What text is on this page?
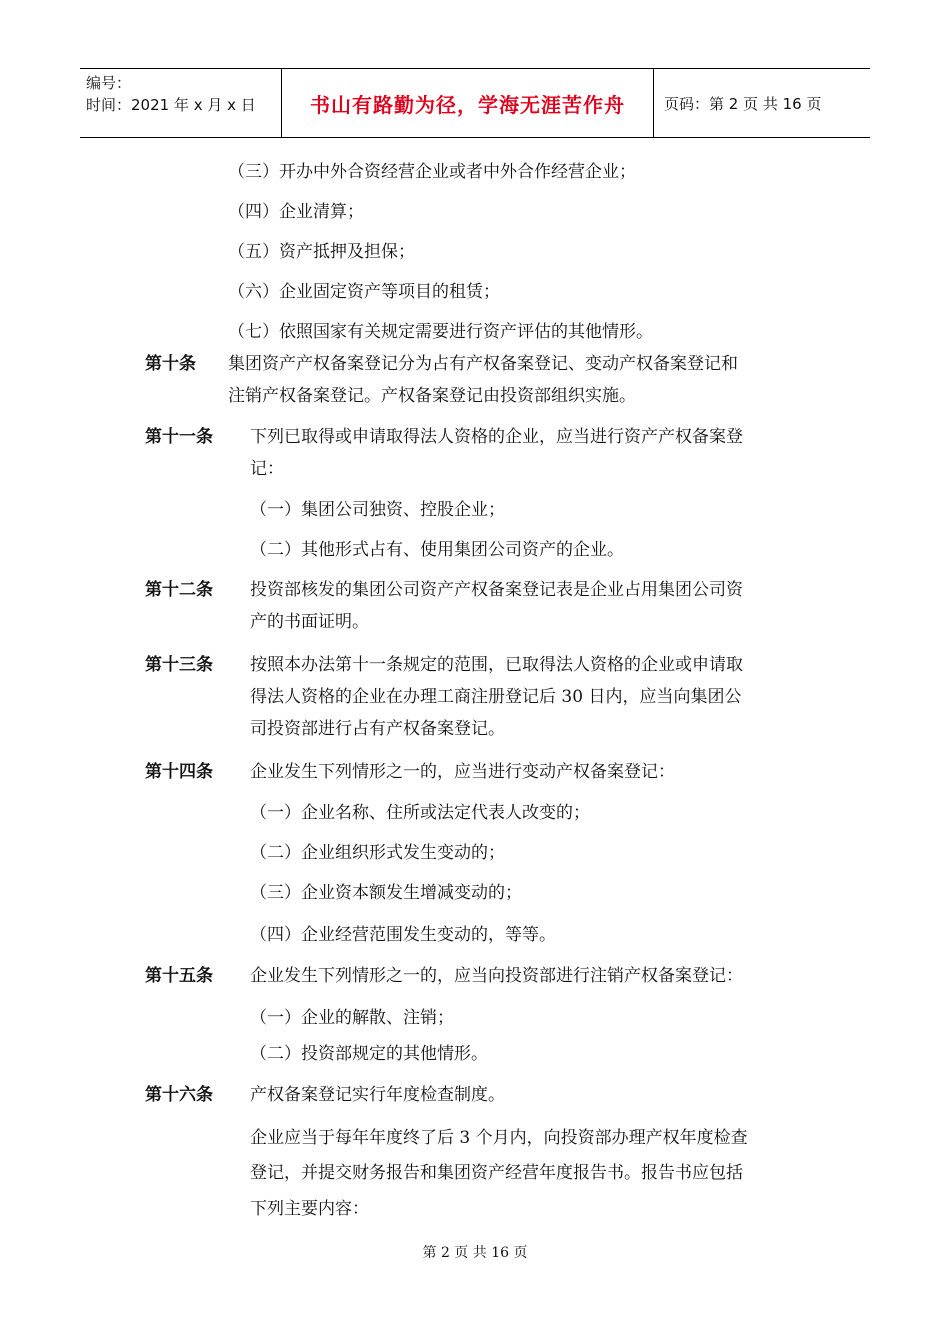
编号：
时间：2021 年 x 月 x 日	书山有路勤为径，学海无涯苦作舟	页码：第 2 页 共 16 页
（三）开办中外合资经营企业或者中外合作经营企业；
（四）企业清算；
（五）资产抵押及担保；
（六）企业固定资产等项目的租赁；
（七）依照国家有关规定需要进行资产评估的其他情形。
第十条 集团资产产权备案登记分为占有产权备案登记、变动产权备案登记和
注销产权备案登记。产权备案登记由投资部组织实施。
第十一条 下列已取得或申请取得法人资格的企业，应当进行资产产权备案登
记：
（一）集团公司独资、控股企业；
（二）其他形式占有、使用集团公司资产的企业。
第十二条 投资部核发的集团公司资产产权备案登记表是企业占用集团公司资
产的书面证明。
第十三条 按照本办法第十一条规定的范围，已取得法人资格的企业或申请取
得法人资格的企业在办理工商注册登记后 30 日内，应当向集团公
司投资部进行占有产权备案登记。
第十四条 企业发生下列情形之一的，应当进行变动产权备案登记：
（一）企业名称、住所或法定代表人改变的；
（二）企业组织形式发生变动的；
（三）企业资本额发生增减变动的；
（四）企业经营范围发生变动的，等等。
第十五条 企业发生下列情形之一的，应当向投资部进行注销产权备案登记：
（一）企业的解散、注销；
（二）投资部规定的其他情形。
第十六条 产权备案登记实行年度检查制度。
企业应当于每年年度终了后 3 个月内，向投资部办理产权年度检查
登记，并提交财务报告和集团资产经营年度报告书。报告书应包括
下列主要内容：
第 2 页 共 16 页
